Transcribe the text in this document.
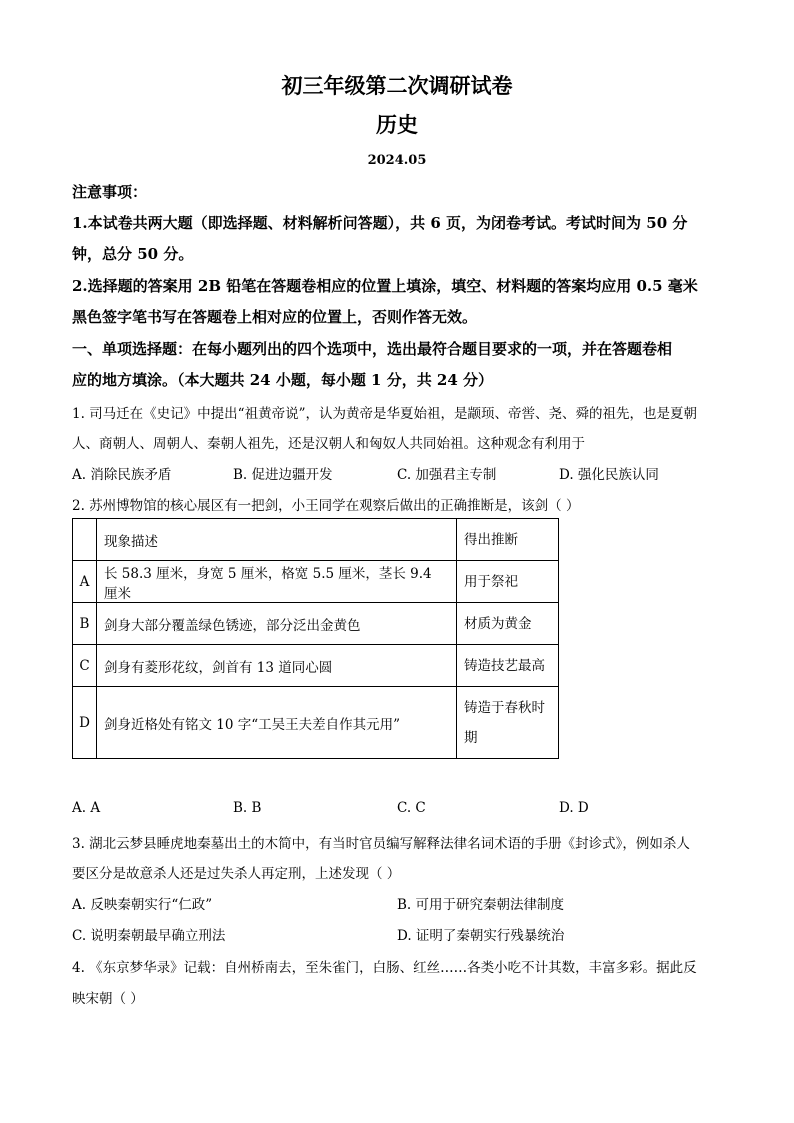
初三年级第二次调研试卷
历史
2024.05
注意事项：
1.本试卷共两大题（即选择题、材料解析问答题），共 6 页，为闭卷考试。考试时间为 50 分
钟，总分 50 分。
2.选择题的答案用 2B 铅笔在答题卷相应的位置上填涂，填空、材料题的答案均应用 0.5 毫米
黑色签字笔书写在答题卷上相对应的位置上，否则作答无效。
一、单项选择题：在每小题列出的四个选项中，选出最符合题目要求的一项，并在答题卷相
应的地方填涂。（本大题共 24 小题，每小题 1 分，共 24 分）
1. 司马迁在《史记》中提出“祖黄帝说”，认为黄帝是华夏始祖，是颛顼、帝喾、尧、舜的祖先，也是夏朝
人、商朝人、周朝人、秦朝人祖先，还是汉朝人和匈奴人共同始祖。这种观念有利用于
A. 消除民族矛盾	B. 促进边疆开发	C. 加强君主专制	D. 强化民族认同
2. 苏州博物馆的核心展区有一把剑，小王同学在观察后做出的正确推断是，该剑（ ）
	现象描述	得出推断
A	长 58.3 厘米，身宽 5 厘米，格宽 5.5 厘米，茎长 9.4 厘米	用于祭祀
B	剑身大部分覆盖绿色锈迹，部分泛出金黄色	材质为黄金
C	剑身有菱形花纹，剑首有 13 道同心圆	铸造技艺最高
D	剑身近格处有铭文 10 字“工吴王夫差自作其元用”	铸造于春秋时期
A. A	B. B	C. C	D. D
3. 湖北云梦县睡虎地秦墓出土的木简中，有当时官员编写解释法律名词术语的手册《封诊式》，例如杀人
要区分是故意杀人还是过失杀人再定刑，上述发现（ ）
A. 反映秦朝实行“仁政”	B. 可用于研究秦朝法律制度
C. 说明秦朝最早确立刑法	D. 证明了秦朝实行残暴统治
4. 《东京梦华录》记载：自州桥南去，至朱雀门，白肠、红丝……各类小吃不计其数，丰富多彩。据此反
映宋朝（ ）
